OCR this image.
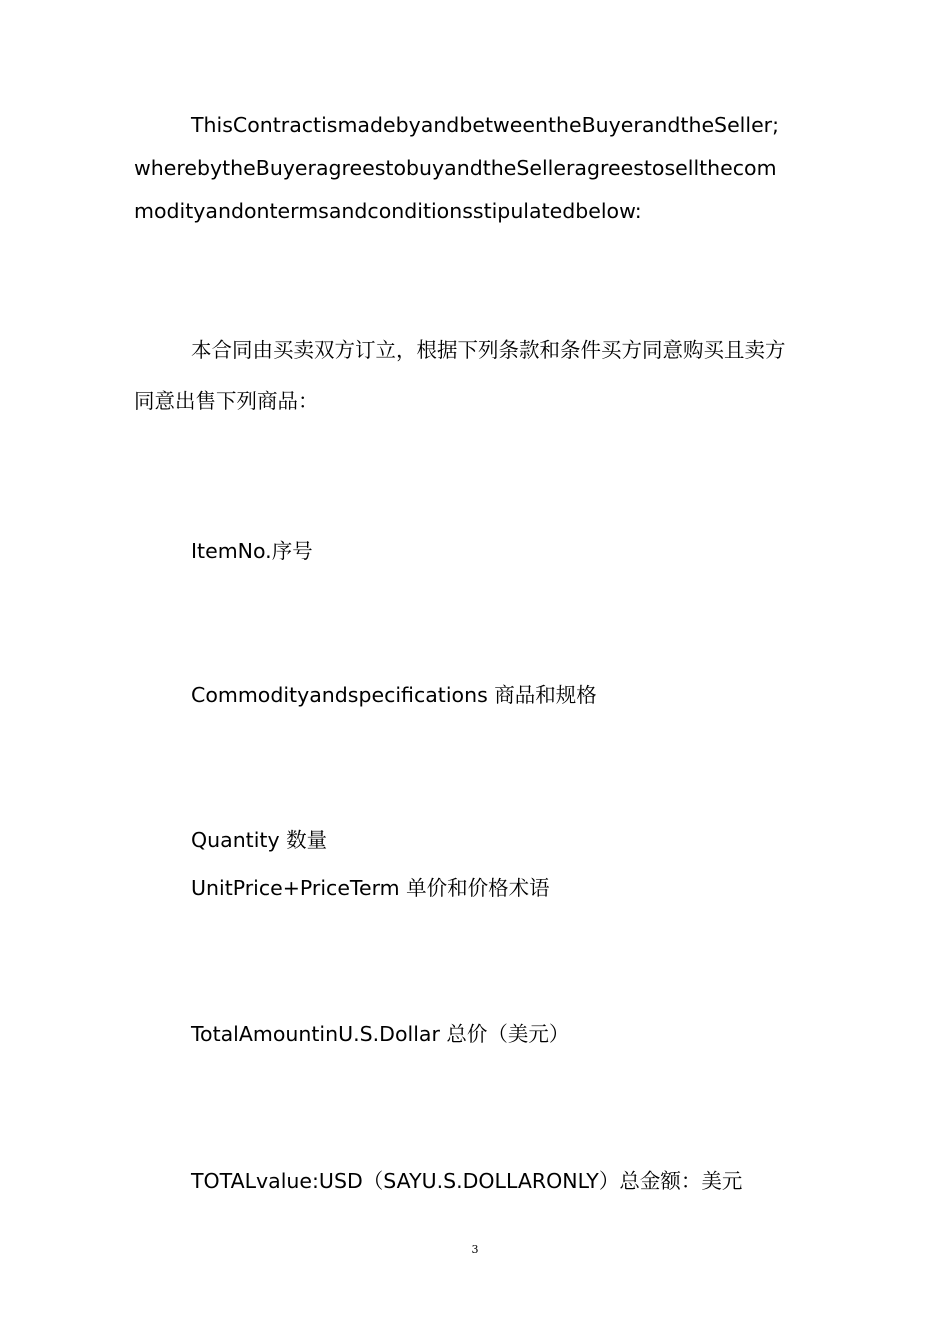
ThisContractismadebyandbetweentheBuyerandtheSeller;

wherebytheBuyeragreestobuyandtheSelleragreestosellthecom

modityandontermsandconditionsstipulatedbelow:

本合同由买卖双方订立，根据下列条款和条件买方同意购买且卖方

同意出售下列商品：

ItemNo.序号

Commodityandspecifications 商品和规格

Quantity 数量

UnitPrice+PriceTerm 单价和价格术语

TotalAmountinU.S.Dollar 总价（美元）

TOTALvalue:USD（SAYU.S.DOLLARONLY）总金额：美元

3
